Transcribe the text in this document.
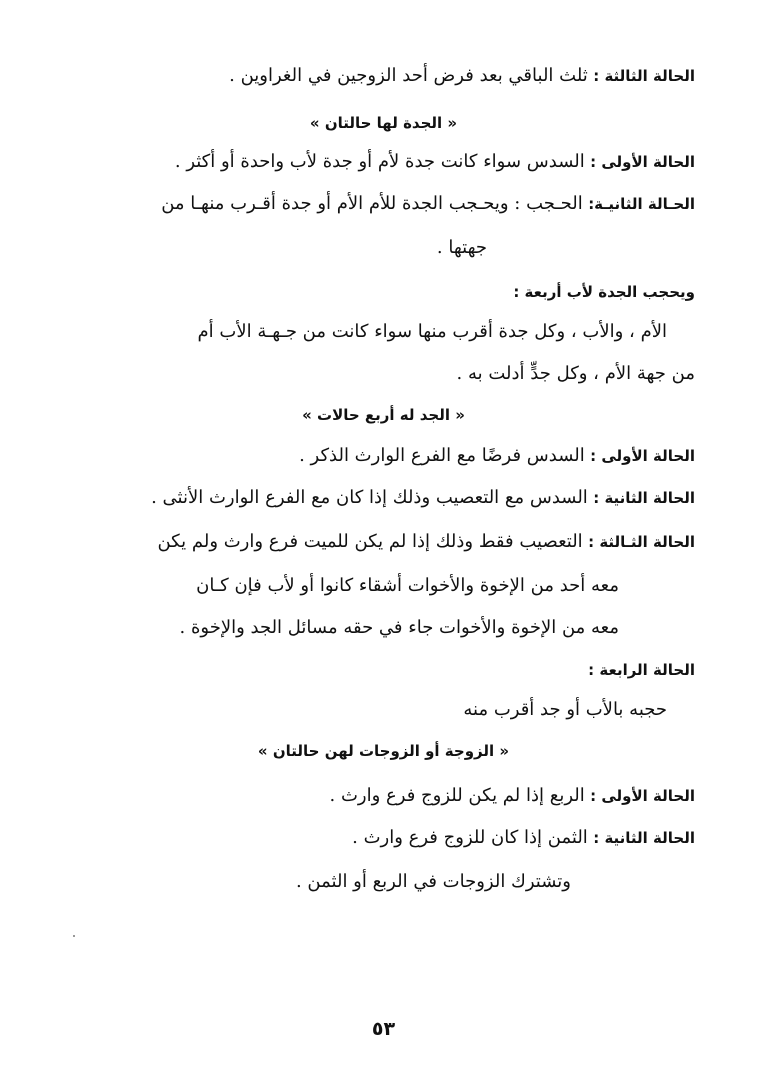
الحالة الثالثة : ثلث الباقي بعد فرض أحد الزوجين في الغراوين .
« الجدة لها حالتان »
الحالة الأولى : السدس سواء كانت جدة لأم أو جدة لأب واحدة أو أكثر .
الحـالة الثانيـة: الحـجب : ويحـجب الجدة للأم الأم أو جدة أقـرب منهـا من
جهتها .
ويحجب الجدة لأب أربعة :
الأم ، والأب ، وكل جدة أقرب منها سواء كانت من جـهـة الأب أم
من جهة الأم ، وكل جدٍّ أدلت به .
« الجد له أربع حالات »
الحالة الأولى : السدس فرضًا مع الفرع الوارث الذكر .
الحالة الثانية : السدس مع التعصيب وذلك إذا كان مع الفرع الوارث الأنثى .
الحالة الثـالثة : التعصيب فقط وذلك إذا لم يكن للميت فرع وارث ولم يكن
معه أحد من الإخوة والأخوات أشقاء كانوا أو لأب فإن كـان
معه من الإخوة والأخوات جاء في حقه مسائل الجد والإخوة .
الحالة الرابعة :
حجبه بالأب أو جد أقرب منه
« الزوجة أو الزوجات لهن حالتان »
الحالة الأولى : الربع إذا لم يكن للزوج فرع وارث .
الحالة الثانية : الثمن إذا كان للزوج فرع وارث .
وتشترك الزوجات في الربع أو الثمن .
٥٣
